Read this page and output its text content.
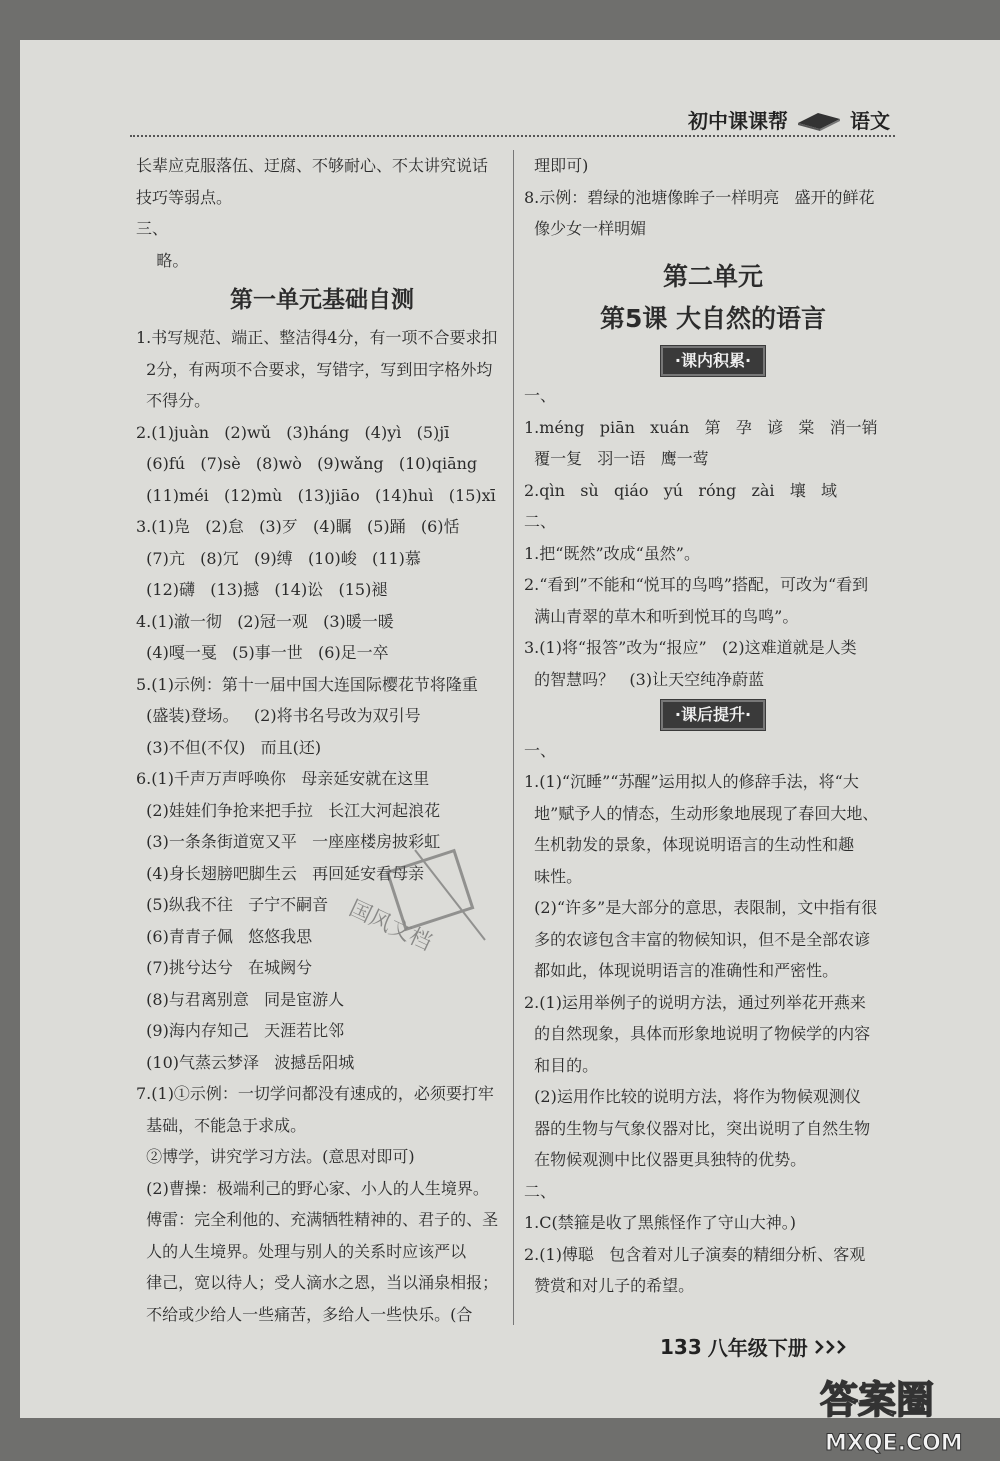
初中课课帮	语文
长辈应克服落伍、迂腐、不够耐心、不太讲究说话
技巧等弱点。
三、
略。
第一单元基础自测
1.书写规范、端正、整洁得4分，有一项不合要求扣
2分，有两项不合要求，写错字，写到田字格外均
不得分。
2.(1)juàn   (2)wǔ   (3)háng   (4)yì   (5)jī
(6)fú   (7)sè   (8)wò   (9)wǎng   (10)qiāng
(11)méi   (12)mù   (13)jiāo   (14)huì   (15)xī
3.(1)凫   (2)怠   (3)歹   (4)瞩   (5)踊   (6)恬
(7)亢   (8)冗   (9)缚   (10)峻   (11)慕
(12)礴   (13)撼   (14)讼   (15)褪
4.(1)澈一彻   (2)冠一观   (3)暖一暖
(4)嘎一戛   (5)事一世   (6)足一卒
5.(1)示例：第十一届中国大连国际樱花节将隆重
(盛装)登场。   (2)将书名号改为双引号
(3)不但(不仅)   而且(还)
6.(1)千声万声呼唤你   母亲延安就在这里
(2)娃娃们争抢来把手拉   长江大河起浪花
(3)一条条街道宽又平   一座座楼房披彩虹
(4)身长翅膀吧脚生云   再回延安看母亲
(5)纵我不往   子宁不嗣音
(6)青青子佩   悠悠我思
(7)挑兮达兮   在城阙兮
(8)与君离别意   同是宦游人
(9)海内存知己   天涯若比邻
(10)气蒸云梦泽   波撼岳阳城
7.(1)①示例：一切学问都没有速成的，必须要打牢
基础，不能急于求成。
②博学，讲究学习方法。(意思对即可)
(2)曹操：极端利己的野心家、小人的人生境界。
傅雷：完全利他的、充满牺牲精神的、君子的、圣
人的人生境界。处理与别人的关系时应该严以
律己，宽以待人；受人滴水之恩，当以涌泉相报；
不给或少给人一些痛苦，多给人一些快乐。(合
理即可)
8.示例：碧绿的池塘像眸子一样明亮   盛开的鲜花
像少女一样明媚
第二单元
第5课 大自然的语言
·课内积累·
一、
1.méng   piān   xuán   第   孕   谚   棠   消一销
覆一复   羽一语   鹰一莺
2.qìn   sù   qiáo   yú   róng   zài   壤   域
二、
1.把“既然”改成“虽然”。
2.“看到”不能和“悦耳的鸟鸣”搭配，可改为“看到
满山青翠的草木和听到悦耳的鸟鸣”。
3.(1)将“报答”改为“报应”   (2)这难道就是人类
的智慧吗？   (3)让天空纯净蔚蓝
·课后提升·
一、
1.(1)“沉睡”“苏醒”运用拟人的修辞手法，将“大
地”赋予人的情态，生动形象地展现了春回大地、
生机勃发的景象，体现说明语言的生动性和趣
味性。
(2)“许多”是大部分的意思，表限制，文中指有很
多的农谚包含丰富的物候知识，但不是全部农谚
都如此，体现说明语言的准确性和严密性。
2.(1)运用举例子的说明方法，通过列举花开燕来
的自然现象，具体而形象地说明了物候学的内容
和目的。
(2)运用作比较的说明方法，将作为物候观测仪
器的生物与气象仪器对比，突出说明了自然生物
在物候观测中比仪器更具独特的优势。
二、
1.C(禁箍是收了黑熊怪作了守山大神。)
2.(1)傅聪   包含着对儿子演奏的精细分析、客观
赞赏和对儿子的希望。
国风文档
133 八年级下册
答案圈
MXQE.COM
